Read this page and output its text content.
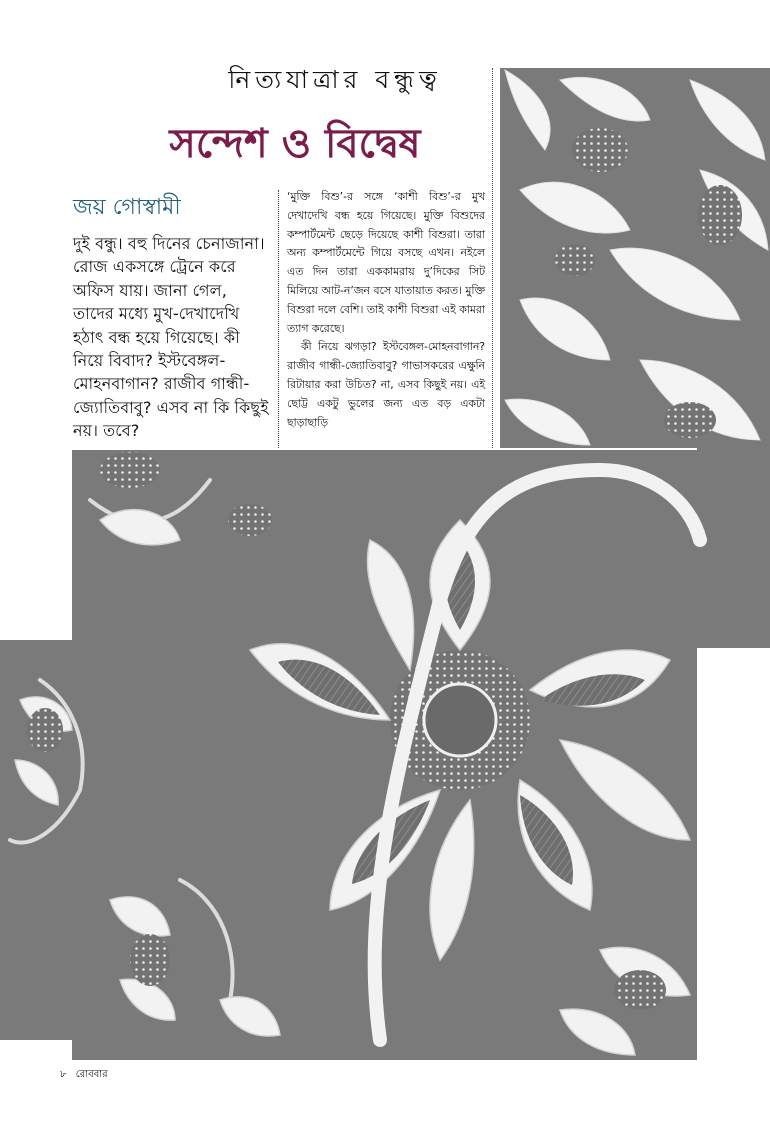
নিত্যযাত্রার বন্ধুত্ব
সন্দেশ ও বিদ্বেষ
জয় গোস্বামী

দুই বন্ধু। বহু দিনের চেনাজানা। রোজ একসঙ্গে ট্রেনে করে অফিস যায়। জানা গেল, তাদের মধ্যে মুখ-দেখাদেখি হঠাৎ বন্ধ হয়ে গিয়েছে। কী নিয়ে বিবাদ? ইস্টবেঙ্গল-মোহনবাগান? রাজীব গান্ধী-জ্যোতিবাবু? এসব না কি কিছুই নয়। তবে?

‘মুক্তি বিশু’-র সঙ্গে ‘কাশী বিশু’-র মুখ দেখাদেখি বন্ধ হয়ে গিয়েছে। মুক্তি বিশুদের কম্পার্টমেন্ট ছেড়ে দিয়েছে কাশী বিশুরা। তারা অন্য কম্পার্টমেন্টে গিয়ে বসছে এখন। নইলে এত দিন তারা এককামরায় দু’দিকের সিট মিলিয়ে আট-ন’জন বসে যাতায়াত করত। মুক্তি বিশুরা দলে বেশি। তাই কাশী বিশুরা এই কামরা ত্যাগ করেছে।

কী নিয়ে ঝগড়া? ইস্টবেঙ্গল-মোহনবাগান? রাজীব গান্ধী-জ্যোতিবাবু? গাভাসকরের এক্ষুনি রিটায়ার করা উচিত? না, এসব কিছুই নয়। এই ছোট্ট একটু ভুলের জন্য এত বড় একটা ছাড়াছাড়ি

৮ রোববার
